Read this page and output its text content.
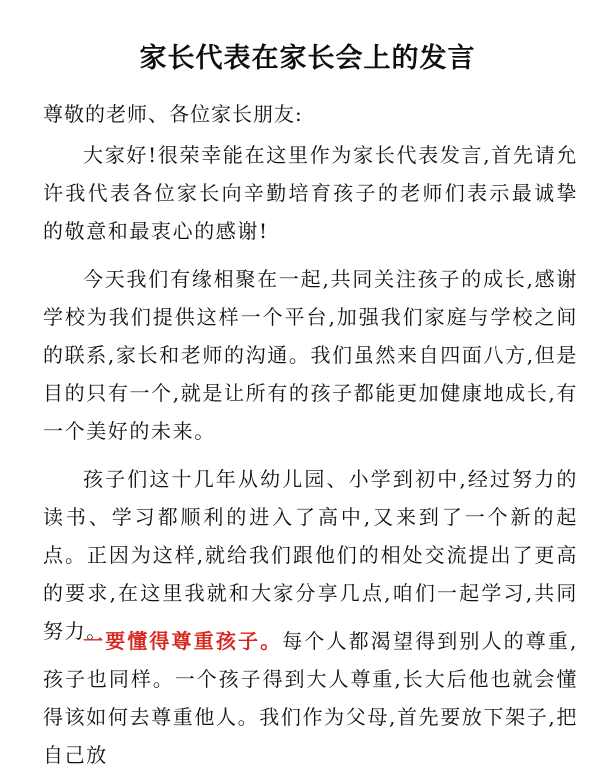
家长代表在家长会上的发言
尊敬的老师、各位家长朋友:

大家好!很荣幸能在这里作为家长代表发言,首先请允许我代表各位家长向辛勤培育孩子的老师们表示最诚挚的敬意和最衷心的感谢!

今天我们有缘相聚在一起,共同关注孩子的成长,感谢学校为我们提供这样一个平台,加强我们家庭与学校之间的联系,家长和老师的沟通。我们虽然来自四面八方,但是目的只有一个,就是让所有的孩子都能更加健康地成长,有一个美好的未来。

孩子们这十几年从幼儿园、小学到初中,经过努力的读书、学习都顺利的进入了高中,又来到了一个新的起点。正因为这样,就给我们跟他们的相处交流提出了更高的要求,在这里我就和大家分享几点,咱们一起学习,共同努力。

一要懂得尊重孩子。每个人都渴望得到别人的尊重,孩子也同样。一个孩子得到大人尊重,长大后他也就会懂得该如何去尊重他人。我们作为父母,首先要放下架子,把自己放
